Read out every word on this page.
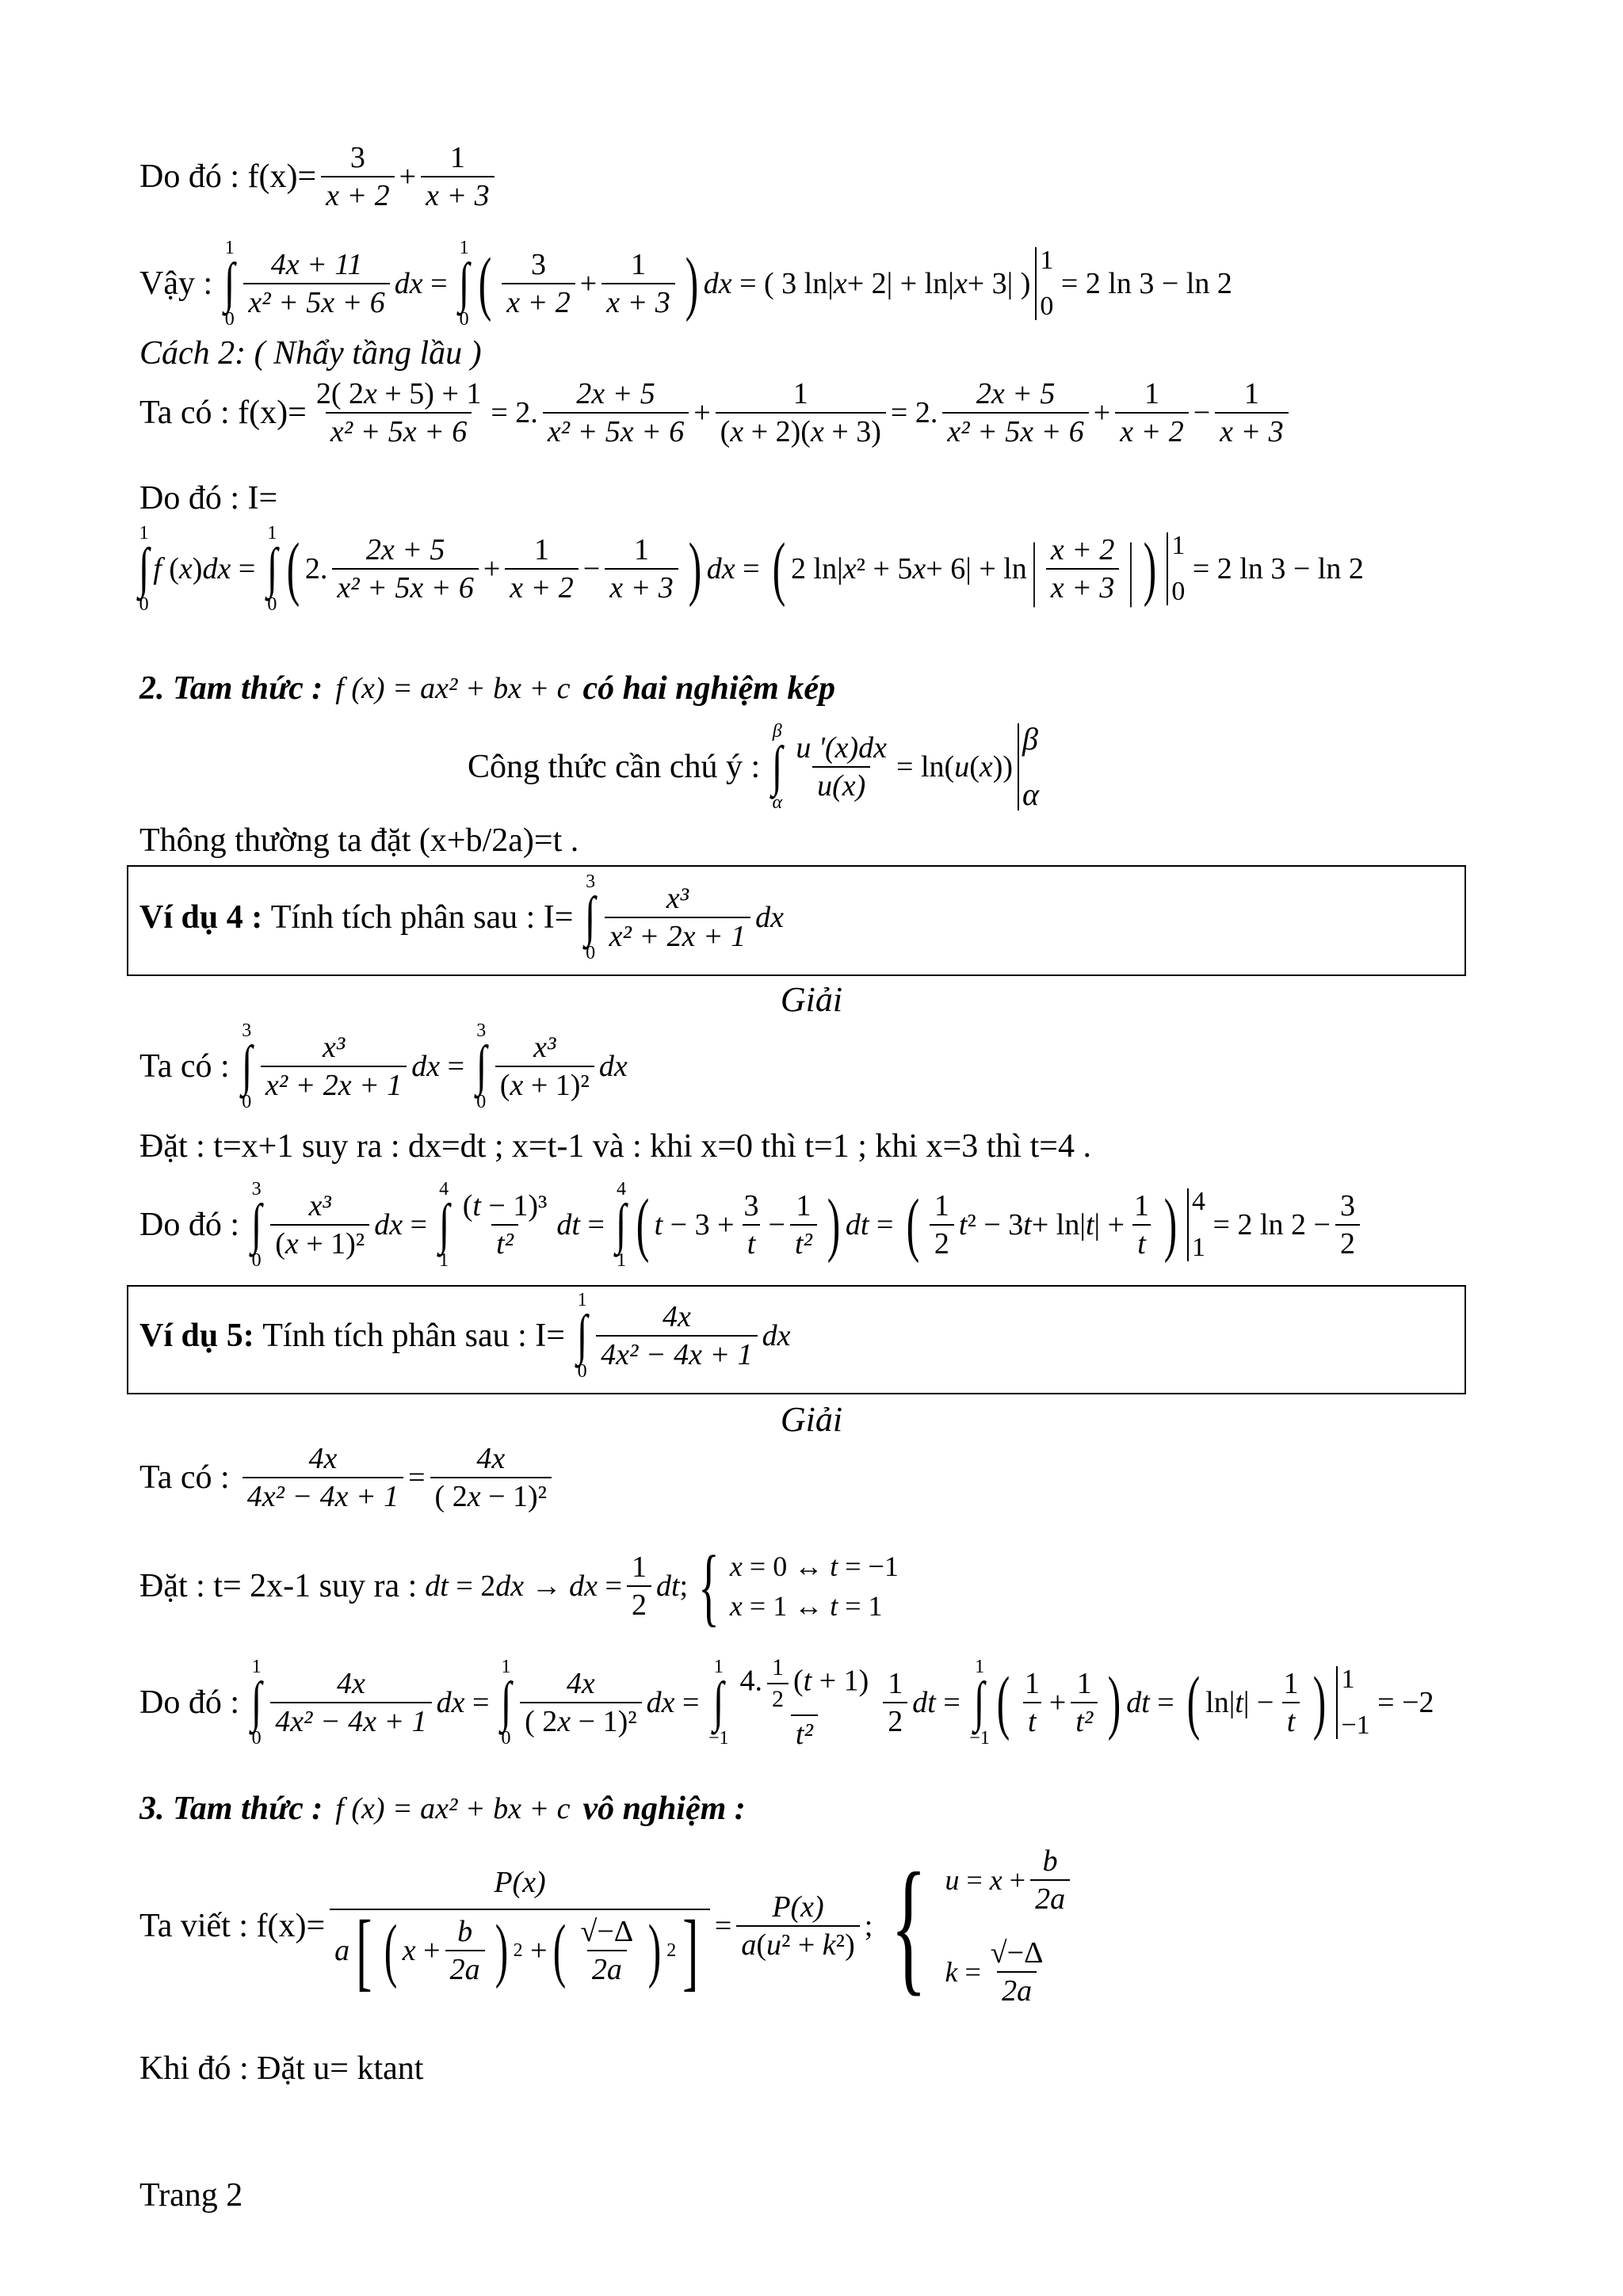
Do đó : $f(x)= \frac{3}{x + 2} + \frac{1}{x + 3}$
Vậy :
1
∫
0
$\frac{4x + 11}{\text{x² + 5x + 6}}$ dx =
1
∫
0 ( $\frac{3}{x + 2} + \frac{1}{x + 3}$ ) dx = ( 3 ln| x + 2| + ln| x + 3| )
1
0
= 2 ln 3 − ln 2
Cách 2: ( Nhẩy tầng lầu )
Ta có : $f(x)= \frac{2( 2x + 5) + 1}{\text{x² + 5x + 6}} = 2$. $\frac{2x + 5}{\text{x² + 5x + 6}} + \frac{1}{(x + 2)(x + 3)} = 2$. $\frac{2x + 5}{\text{x² + 5x + 6}} + \frac{1}{x + 2} - \frac{1}{x + 3}$
Do đó : I=
1
∫
0
f ( x ) dx =
1
∫
0 ( 2. $\frac{2x + 5}{\text{x² + 5x + 6}} + \frac{1}{x + 2} - \frac{1}{x + 3}$ ) dx = ( 2 ln| x ² + 5 x + 6| + ln | $\frac{x + 2}{x + 3}$ | ) 1
0
= 2 ln 3 − ln 2
2. Tam thức : f (x) = ax² + bx + c có hai nghiệm kép
Công thức cần chú ý :
β
∫
α
$\frac{u '(x)dx}{u(x)} = \ln$( u ( x ))
β
α
Thông thường ta đặt (x+b/2a)=t .
Ví dụ 4 :
Tính tích phân sau : I=
3
∫
0
$\frac{\text{x³}}{\text{x² + 2x + 1}}$ dx
Giải
Ta có :
3
∫
0
$\frac{\text{x³}}{\text{x² + 2x + 1}}$ dx =
3
∫
0
$\frac{\text{x³}}{\text{(x + 1)²}}$ dx
Đặt : t=x+1 suy ra : dx=dt ; x=t-1 và : khi x=0 thì t=1 ; khi x=3 thì t=4 .
Do đó :
3
∫
0
$\frac{\text{x³}}{\text{(x + 1)²}}$ dx =
4
∫
1
$\frac{\text{(t − 1)³}}{\text{t²}}$ dt =
4
∫
1 ( $t - 3 + \frac{3}{t} - \frac{1}{\text{t²}}$ ) dt = ( $\frac{1}{2}$ t ² − 3 t + ln| t | + $\frac{1}{t}$ ) 4
1
= 2 $\ln 2 - \frac{3}{2}$
Ví dụ 5:
Tính tích phân sau : I=
1
∫
0
$\frac{4x}{\text{4x² − 4x + 1}}$ dx
Giải
Ta có : $\frac{4x}{\text{4x² − 4x + 1}} = \frac{4x}{\text{( 2x − 1)²}}$
Đặt : t= 2x-1 suy ra : dt = 2 dx → dx = $\frac{1}{2}$ dt ; { x = 0 ↔ t = −1
x = 1 ↔ t = 1
Do đó :
1
∫
0
$\frac{4x}{\text{4x² − 4x + 1}}$ dx =
1
∫
0
$\frac{4x}{\text{( 2x − 1)²}}$ dx =
1
∫
$-1 \frac{4. \frac{1}{2} (t + 1)}{\text{t²}} \frac{1}{2}$ dt =
1
∫
−1 ( $\frac{1}{t} + \frac{1}{\text{t²}}$ ) dt = ( ln| t | − $\frac{1}{t}$ ) 1
−1
= −2
3. Tam thức : f (x) = ax² + bx + c vô nghiệm :
Ta viết : f(x)=
P(x)
a [ ( $x + \frac{b}{2a}$ ) 2 + ( $\frac{√-\Delta}{2a}$ ) 2 ] = $\frac{P(x)}{\text{a(u² + k²)}}$ ; { $u = x + \frac{b}{2a}$
$k = \frac{√-\Delta}{2a}$
Khi đó : Đặt u= ktant
Trang 2
